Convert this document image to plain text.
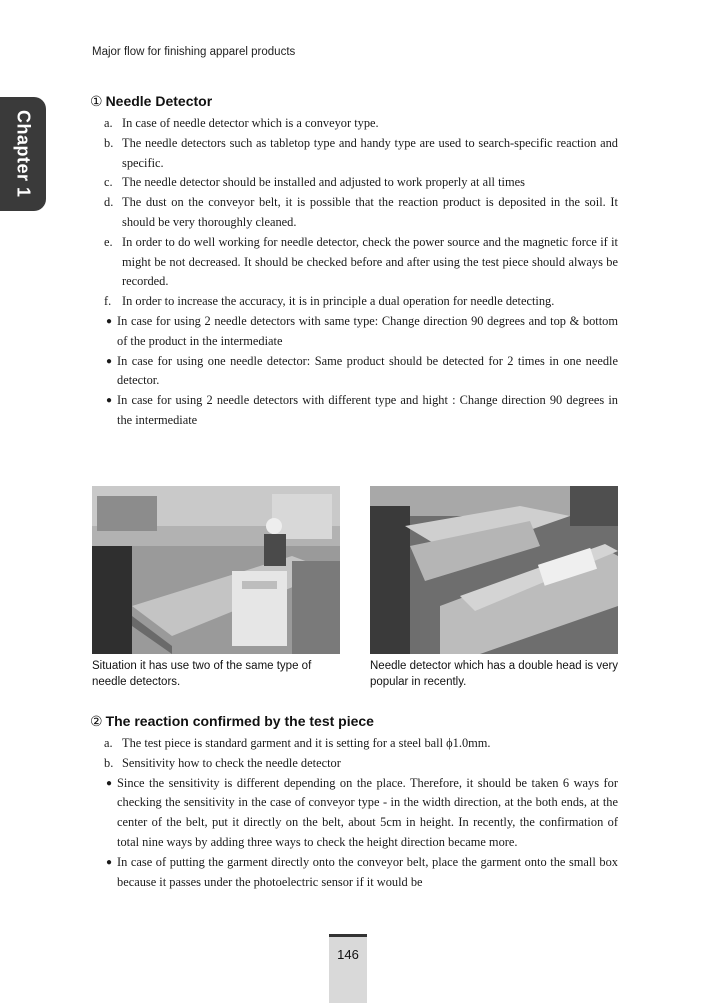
Major flow for finishing apparel products
Chapter 1
① Needle Detector
a. In case of needle detector which is a conveyor type.
b. The needle detectors such as tabletop type and handy type are used to search-specific reaction and specific.
c. The needle detector should be installed and adjusted to work properly at all times
d. The dust on the conveyor belt, it is possible that the reaction product is deposited in the soil. It should be very thoroughly cleaned.
e. In order to do well working for needle detector, check the power source and the magnetic force if it might be not decreased. It should be checked before and after using the test piece should always be recorded.
f. In order to increase the accuracy, it is in principle a dual operation for needle detecting.
● In case for using 2 needle detectors with same type: Change direction 90 degrees and top & bottom of the product in the intermediate
● In case for using one needle detector: Same product should be detected for 2 times in one needle detector.
● In case for using 2 needle detectors with different type and hight : Change direction 90 degrees in the intermediate
Situation it has use two of the same type of needle detectors.
Needle detector which has a double head is very popular in recently.
② The reaction confirmed by the test piece
a. The test piece is standard garment and it is setting for a steel ball ϕ1.0mm.
b. Sensitivity how to check the needle detector
● Since the sensitivity is different depending on the place. Therefore, it should be taken 6 ways for checking the sensitivity in the case of conveyor type - in the width direction, at the both ends, at the center of the belt, put it directly on the belt, about 5cm in height. In recently, the confirmation of total nine ways by adding three ways to check the height direction became more.
● In case of putting the garment directly onto the conveyor belt, place the garment onto the small box because it passes under the photoelectric sensor if it would be
146
